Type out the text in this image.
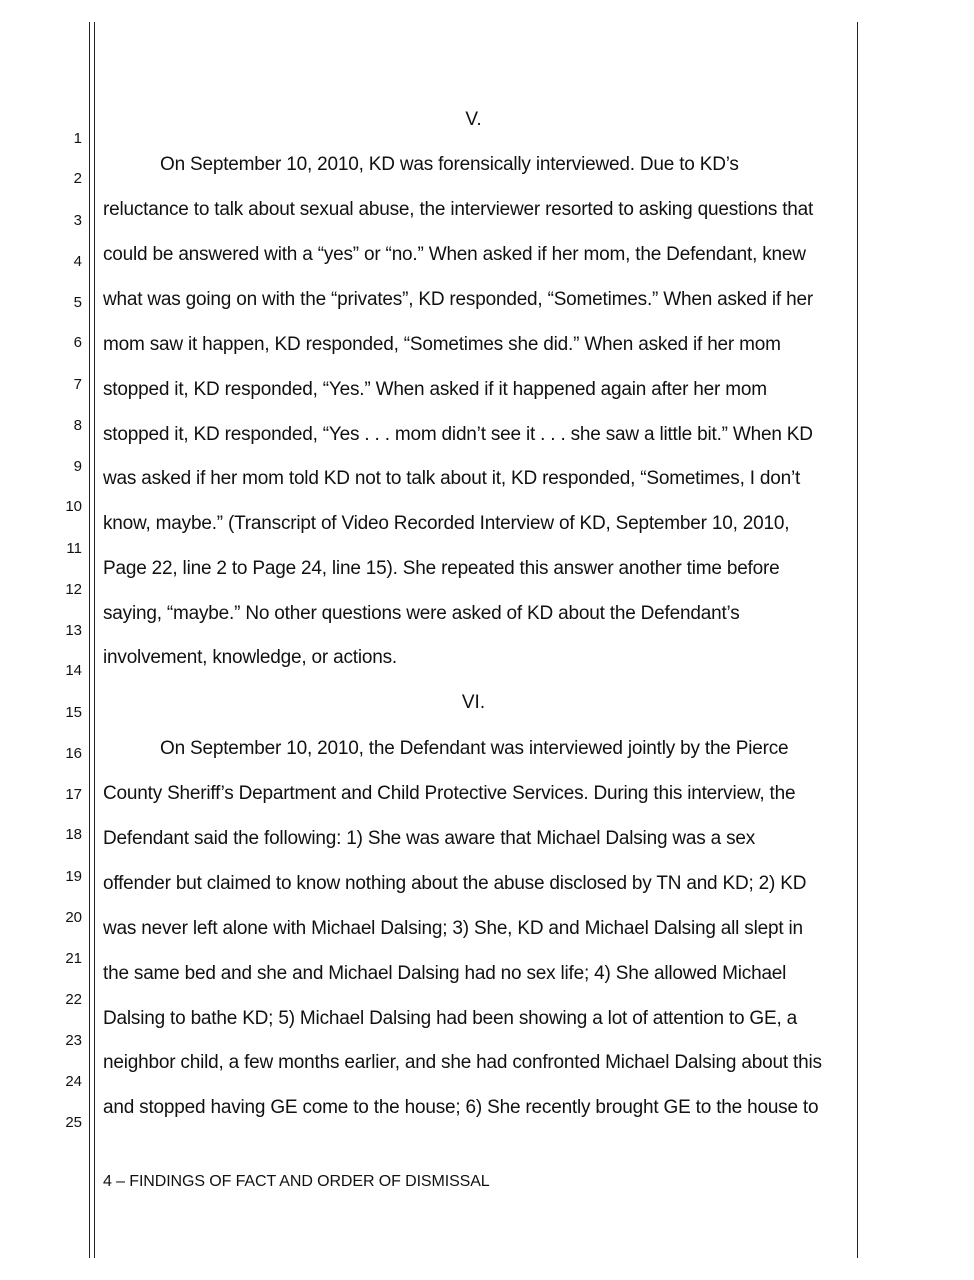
1
2
3
4
5
6
7
8
9
10
11
12
13
14
15
16
17
18
19
20
21
22
23
24
25
V.
On September 10, 2010, KD was forensically interviewed. Due to KD’s
reluctance to talk about sexual abuse, the interviewer resorted to asking questions that
could be answered with a “yes” or “no.” When asked if her mom, the Defendant, knew
what was going on with the “privates”, KD responded, “Sometimes.” When asked if her
mom saw it happen, KD responded, “Sometimes she did.” When asked if her mom
stopped it, KD responded, “Yes.” When asked if it happened again after her mom
stopped it, KD responded, “Yes . . . mom didn’t see it . . . she saw a little bit.” When KD
was asked if her mom told KD not to talk about it, KD responded, “Sometimes, I don’t
know, maybe.” (Transcript of Video Recorded Interview of KD, September 10, 2010,
Page 22, line 2 to Page 24, line 15). She repeated this answer another time before
saying, “maybe.” No other questions were asked of KD about the Defendant’s
involvement, knowledge, or actions.
VI.
On September 10, 2010, the Defendant was interviewed jointly by the Pierce
County Sheriff’s Department and Child Protective Services. During this interview, the
Defendant said the following: 1) She was aware that Michael Dalsing was a sex
offender but claimed to know nothing about the abuse disclosed by TN and KD; 2) KD
was never left alone with Michael Dalsing; 3) She, KD and Michael Dalsing all slept in
the same bed and she and Michael Dalsing had no sex life; 4) She allowed Michael
Dalsing to bathe KD; 5) Michael Dalsing had been showing a lot of attention to GE, a
neighbor child, a few months earlier, and she had confronted Michael Dalsing about this
and stopped having GE come to the house; 6) She recently brought GE to the house to
4 – FINDINGS OF FACT AND ORDER OF DISMISSAL
